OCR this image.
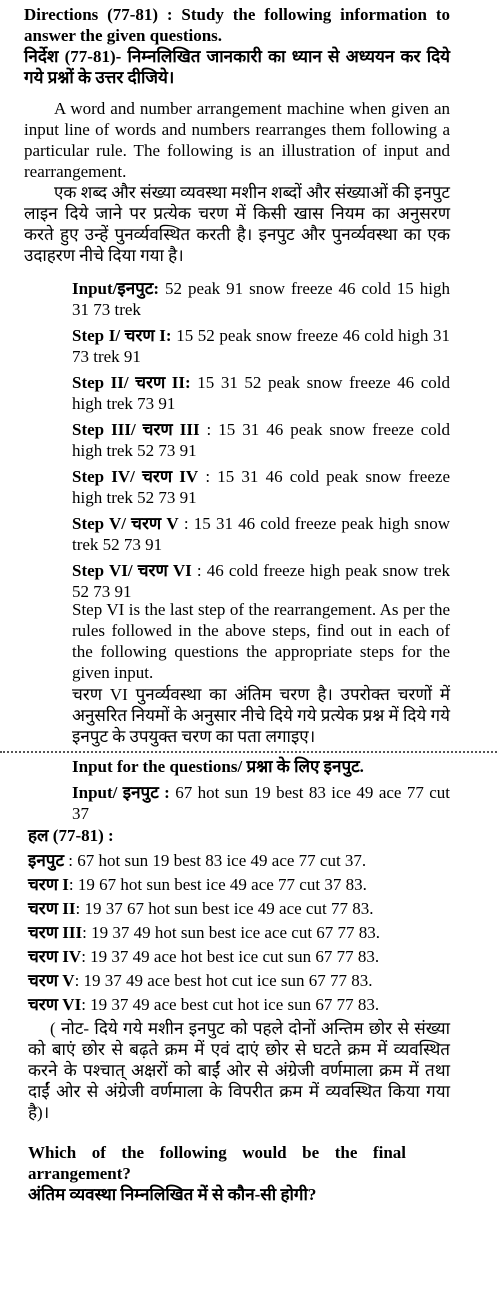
Directions (77-81) : Study the following information to answer the given questions.

निर्देश (77-81)- निम्नलिखित जानकारी का ध्यान से अध्ययन कर दिये गये प्रश्नों के उत्तर दीजिये।

A word and number arrangement machine when given an input line of words and numbers rearranges them following a particular rule. The following is an illustration of input and rearrangement.

एक शब्द और संख्या व्यवस्था मशीन शब्दों और संख्याओं की इनपुट लाइन दिये जाने पर प्रत्येक चरण में किसी खास नियम का अनुसरण करते हुए उन्हें पुनर्व्यवस्थित करती है। इनपुट और पुनर्व्यवस्था का एक उदाहरण नीचे दिया गया है।

Input/इनपुट: 52 peak 91 snow freeze 46 cold 15 high 31 73 trek

Step I/ चरण I: 15 52 peak snow freeze 46 cold high 31 73 trek 91

Step II/ चरण II: 15 31 52 peak snow freeze 46 cold high trek 73 91

Step III/ चरण III : 15 31 46 peak snow freeze cold high trek 52 73 91

Step IV/ चरण IV : 15 31 46 cold peak snow freeze high trek 52 73 91

Step V/ चरण V : 15 31 46 cold freeze peak high snow trek 52 73 91

Step VI/ चरण VI : 46 cold freeze high peak snow trek 52 73 91

Step VI is the last step of the rearrangement. As per the rules followed in the above steps, find out in each of the following questions the appropriate steps for the given input.

चरण VI पुनर्व्यवस्था का अंतिम चरण है। उपरोक्त चरणों में अनुसरित नियमों के अनुसार नीचे दिये गये प्रत्येक प्रश्न में दिये गये इनपुट के उपयुक्त चरण का पता लगाइए।

Input for the questions/ प्रश्ना के लिए इनपुट.

Input/ इनपुट : 67 hot sun 19 best 83 ice 49 ace 77 cut 37

हल (77-81) :

इनपुट : 67 hot sun 19 best 83 ice 49 ace 77 cut 37.

चरण I: 19 67 hot sun best ice 49 ace 77 cut 37 83.

चरण II: 19 37 67 hot sun best ice 49 ace cut 77 83.

चरण III: 19 37 49 hot sun best ice ace cut 67 77 83.

चरण IV: 19 37 49 ace hot best ice cut sun 67 77 83.

चरण V: 19 37 49 ace best hot cut ice sun 67 77 83.

चरण VI: 19 37 49 ace best cut hot ice sun 67 77 83.

( नोट- दिये गये मशीन इनपुट को पहले दोनों अन्तिम छोर से संख्या को बाएं छोर से बढ़ते क्रम में एवं दाएं छोर से घटते क्रम में व्यवस्थित करने के पश्चात् अक्षरों को बाईं ओर से अंग्रेजी वर्णमाला क्रम में तथा दाईं ओर से अंग्रेजी वर्णमाला के विपरीत क्रम में व्यवस्थित किया गया है)।

Which of the following would be the final arrangement?

अंतिम व्यवस्था निम्नलिखित में से कौन-सी होगी?
